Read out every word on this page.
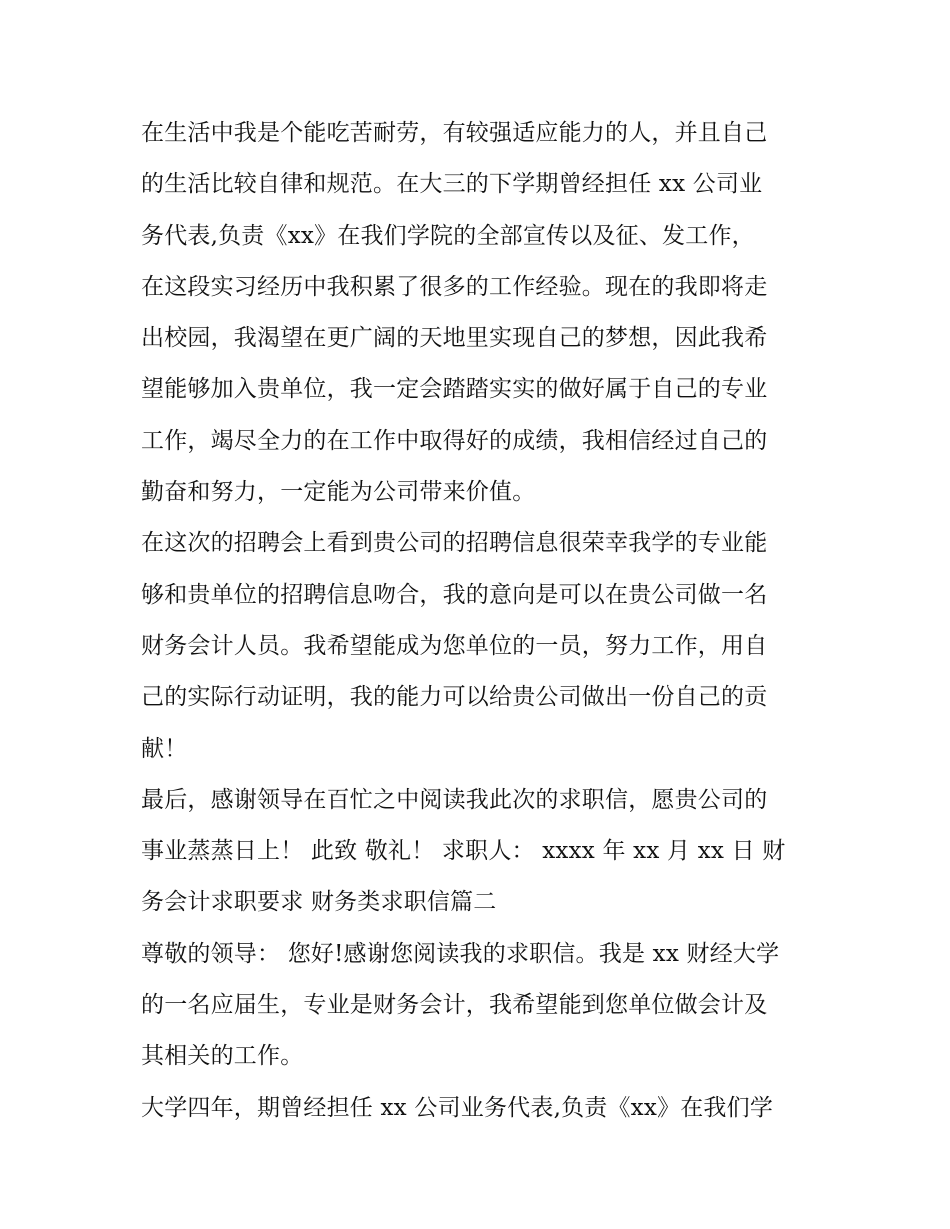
在生活中我是个能吃苦耐劳，有较强适应能力的人，并且自己
的生活比较自律和规范。在大三的下学期曾经担任 xx 公司业
务代表,负责《xx》在我们学院的全部宣传以及征、发工作，
在这段实习经历中我积累了很多的工作经验。现在的我即将走
出校园，我渴望在更广阔的天地里实现自己的梦想，因此我希
望能够加入贵单位，我一定会踏踏实实的做好属于自己的专业
工作，竭尽全力的在工作中取得好的成绩，我相信经过自己的
勤奋和努力，一定能为公司带来价值。
在这次的招聘会上看到贵公司的招聘信息很荣幸我学的专业能
够和贵单位的招聘信息吻合，我的意向是可以在贵公司做一名
财务会计人员。我希望能成为您单位的一员，努力工作，用自
己的实际行动证明，我的能力可以给贵公司做出一份自己的贡
献！
最后，感谢领导在百忙之中阅读我此次的求职信，愿贵公司的
事业蒸蒸日上！ 此致 敬礼！ 求职人： xxxx 年 xx 月 xx 日 财
务会计求职要求 财务类求职信篇二
尊敬的领导： 您好!感谢您阅读我的求职信。我是 xx 财经大学
的一名应届生，专业是财务会计，我希望能到您单位做会计及
其相关的工作。
大学四年，期曾经担任 xx 公司业务代表,负责《xx》在我们学
